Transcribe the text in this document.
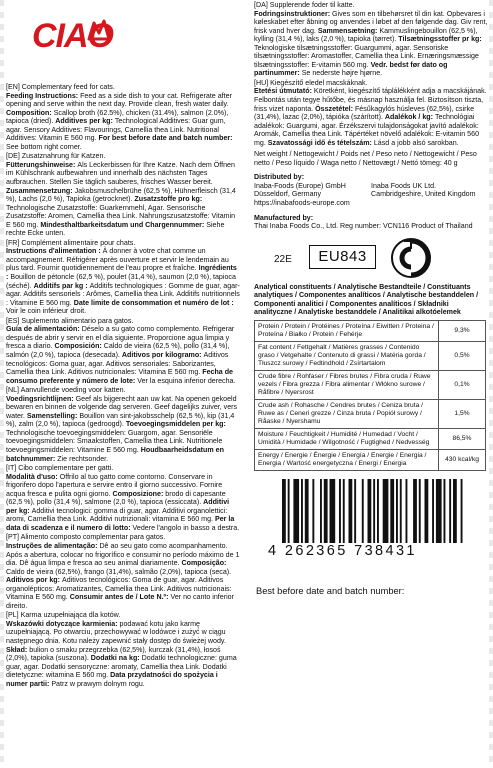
CIAO

[EN] Complementary feed for cats.
Feeding Instructions: Feed as a side dish to your cat. Refrigerate after opening and serve within the next day. Provide clean, fresh water daily. Composition: Scallop broth (62.5%), chicken (31.4%), salmon (2.0%), tapioca (dried). Additives per kg: Technological Additives: Guar gum, agar. Sensory Additives: Flavourings, Camellia thea Link. Nutritional Additives: Vitamin E 560 mg. For best before date and batch number: See bottom right corner.

[DE] Zusatznahrung für Katzen.
Fütterungshinweise: Als Leckerbissen für Ihre Katze. Nach dem Öffnen im Kühlschrank aufbewahren und innerhalb des nächsten Tages aufbrauchen. Stellen Sie täglich sauberes, frisches Wasser bereit. Zusammensetzung: Jakobsmuschelbrühe (62,5 %), Hühnerfleisch (31,4 %), Lachs (2,0 %), Tapioka (getrocknet). Zusatzstoffe pro kg: Technologische Zusatzstoffe: Guarkernmehl, Agar. Sensorische Zusatzstoffe: Aromen, Camellia thea Link. Nahrungszusatzstoffe: Vitamin E 560 mg. Mindesthaltbarkeitsdatum und Chargennummer: Siehe rechte Ecke unten.

[FR] Complément alimentaire pour chats.
Instructions d'alimentation : À donner à votre chat comme un accompagnement. Réfrigérer après ouverture et servir le lendemain au plus tard. Fournir quotidiennement de l'eau propre et fraîche. Ingrédients : Bouillon de pétoncle (62,5 %), poulet (31,4 %), saumon (2,0 %), tapioca (séché). Additifs par kg : Additifs technologiques : Gomme de guar, agar-agar. Additifs sensoriels : Arômes, Camellia thea Link. Additifs nutritionnels : Vitamine E 560 mg. Date limite de consommation et numéro de lot : Voir le coin inférieur droit.

[ES] Suplemento alimentario para gatos.
Guía de alimentación: Déselo a su gato como complemento. Refrigerar después de abrir y servir en el día siguiente. Proporcione agua limpia y fresca a diario. Composición: Caldo de vieira (62,5 %), pollo (31,4 %), salmón (2,0 %), tapioca (desecada). Aditivos por kilogramo: Aditivos tecnológicos: Goma guar, agar. Aditivos sensoriales: Saborizantes, Camellia thea Link. Aditivos nutricionales: Vitamina E 560 mg. Fecha de consumo preferente y número de lote: Ver la esquina inferior derecha.

[NL] Aanvullende voeding voor katten.
Voedingsrichtlijnen: Geef als bijgerecht aan uw kat. Na openen gekoeld bewaren en binnen de volgende dag serveren. Geef dagelijks zuiver, vers water. Samenstelling: Bouillon van sint-jakobsschelp (62,5 %), kip (31,4 %), zalm (2,0 %), tapioca (gedroogd). Toevoegingsmiddelen per kg: Technologische toevoegingsmiddelen: Guargom, agar. Sensoriële toevoegingsmiddelen: Smaakstoffen, Camellia thea Link. Nutritionele toevoegingsmiddelen: Vitamine E 560 mg. Houdbaarheidsdatum en batchnummer: Zie rechtsonder.

[IT] Cibo complementare per gatti.
Modalità d'uso: Offrilo al tuo gatto come contorno. Conservare in frigorifero dopo l'apertura e servire entro il giorno successivo. Fornire acqua fresca e pulita ogni giorno. Composizione: brodo di capesante (62,5 %), pollo (31,4 %), salmone (2,0 %), tapioca (essiccata). Additivi per kg: Additivi tecnologici: gomma di guar, agar. Additivi organolettici: aromi, Camellia thea Link. Additivi nutrizionali: vitamina E 560 mg. Per la data di scadenza e il numero di lotto: Vedere l'angolo in basso a destra.

[PT] Alimento composto complementar para gatos.
Instruções de alimentação: Dê ao seu gato como acompanhamento. Após a abertura, colocar no frigorífico e consumir no período máximo de 1 dia. Dê água limpa e fresca ao seu animal diariamente. Composição: Caldo de vieira (62,5%), frango (31,4%), salmão (2,0%), tapioca (seca). Aditivos por kg: Aditivos tecnológicos: Goma de guar, agar. Aditivos organolépticos: Aromatizantes, Camellia thea Link. Aditivos nutricionais: Vitamina E 560 mg. Consumir antes de / Lote N.º: Ver no canto inferior direito.

[PL] Karma uzupełniająca dla kotów.
Wskazówki dotyczące karmienia: podawać kotu jako karmę uzupełniającą. Po otwarciu, przechowywać w lodówce i zużyć w ciągu następnego dnia. Kotu należy zapewnić stały dostęp do świeżej wody. Skład: bulion o smaku przegrzebka (62,5%), kurczak (31,4%), łosoś (2,0%), tapioka (suszona). Dodatki na kg: Dodatki technologiczne: guma guar, agar. Dodatki sensoryczne: aromaty, Camellia thea Link. Dodatki dietetyczne: witamina E 560 mg. Data przydatności do spożycia i numer partii: Patrz w prawym dolnym rogu.

[DA] Supplerende foder til katte.
Fodringsinstruktioner: Gives som en tilbehørsret til din kat. Opbevares i køleskabet efter åbning og anvendes i løbet af den følgende dag. Giv rent, frisk vand hver dag. Sammensætning: Kammuslingebouillon (62,5 %), kylling (31,4 %), laks (2,0 %), tapioka (tørret). Tilsætningsstoffer pr kg: Teknologiske tilsætningsstoffer: Guargummi, agar. Sensoriske tilsætningsstoffer: Aromastoffer, Camellia thea Link. Ernæringsmæssige tilsætningsstoffer: E-vitamin 560 mg. Vedr. bedst før dato og partinummer: Se nederste højre hjørne.

[HU] Kiegészítő eledel macskáknak.
Etetési útmutató: Köretként, kiegészítő táplálékként adja a macskájának. Felbontás után tegye hűtőbe, és másnap használja fel. Biztosítson tiszta, friss vizet naponta. Összetétel: Fésűkagylós húsleves (62,5%), csirke (31,4%), lazac (2,0%), tápióka (szárított). Adalékok / kg: Technológiai adalékok: Guargumi, agar. Érzékszervi tulajdonságokat javító adalékok: Aromák, Camellia thea Link. Tápértéket növelő adalékok: E-vitamin 560 mg. Szavatossági idő és tételszám: Lásd a jobb alsó sarokban.

Net weight / Nettogewicht / Poids net / Peso neto / Nettogewicht / Peso netto / Peso líquido / Waga netto / Nettovægt / Nettó tömeg: 40 g

Distributed by:
Inaba-Foods (Europe) GmbH
Düsseldorf, Germany
https://inabafoods-europe.com
Inaba Foods UK Ltd.
Cambridgeshire, United Kingdom
Manufactured by:
Thai Inaba Foods Co., Ltd. Reg number: VCN116 Product of Thailand
22E	EU843
Analytical constituents / Analytische Bestandteile / Constituants analytiques / Componentes analíticos / Analytische bestanddelen / Componenti analitici / Componentes analíticos / Składniki analityczne / Analytiske bestanddele / Analitikai alkotóelemek
Protein / Protein / Protéines / Proteína / Eiwitten / Proteina / Proteína / Białko / Protein / Fehérje	9,3%
Fat content / Fettgehalt / Matières grasses / Contenido graso / Vetgehalte / Contenuto di grassi / Matéria gorda / Tłuszcz surowy / Fedtindhold / Zsírtartalom	0,5%
Crude fibre / Rohfaser / Fibres brutes / Fibra cruda / Ruwe vezels / Fibra grezza / Fibra alimentar / Włókno surowe / Råfibre / Nyersrost	0,1%
Crude ash / Rohasche / Cendres brutes / Ceniza bruta / Ruwe as / Ceneri grezze / Cinza bruta / Popiół surowy / Råaske / Nyershamu	1,5%
Moisture / Feuchtigkeit / Humidité / Humedad / Vocht / Umidità / Humidade / Wilgotność / Fugtighed / Nedvesség	86,5%
Energy / Energie / Énergie / Energía / Energie / Energia / Energia / Wartość energetyczna / Energi / Energia	430 kcal/kg
4 262365 738431
Best before date and batch number:
